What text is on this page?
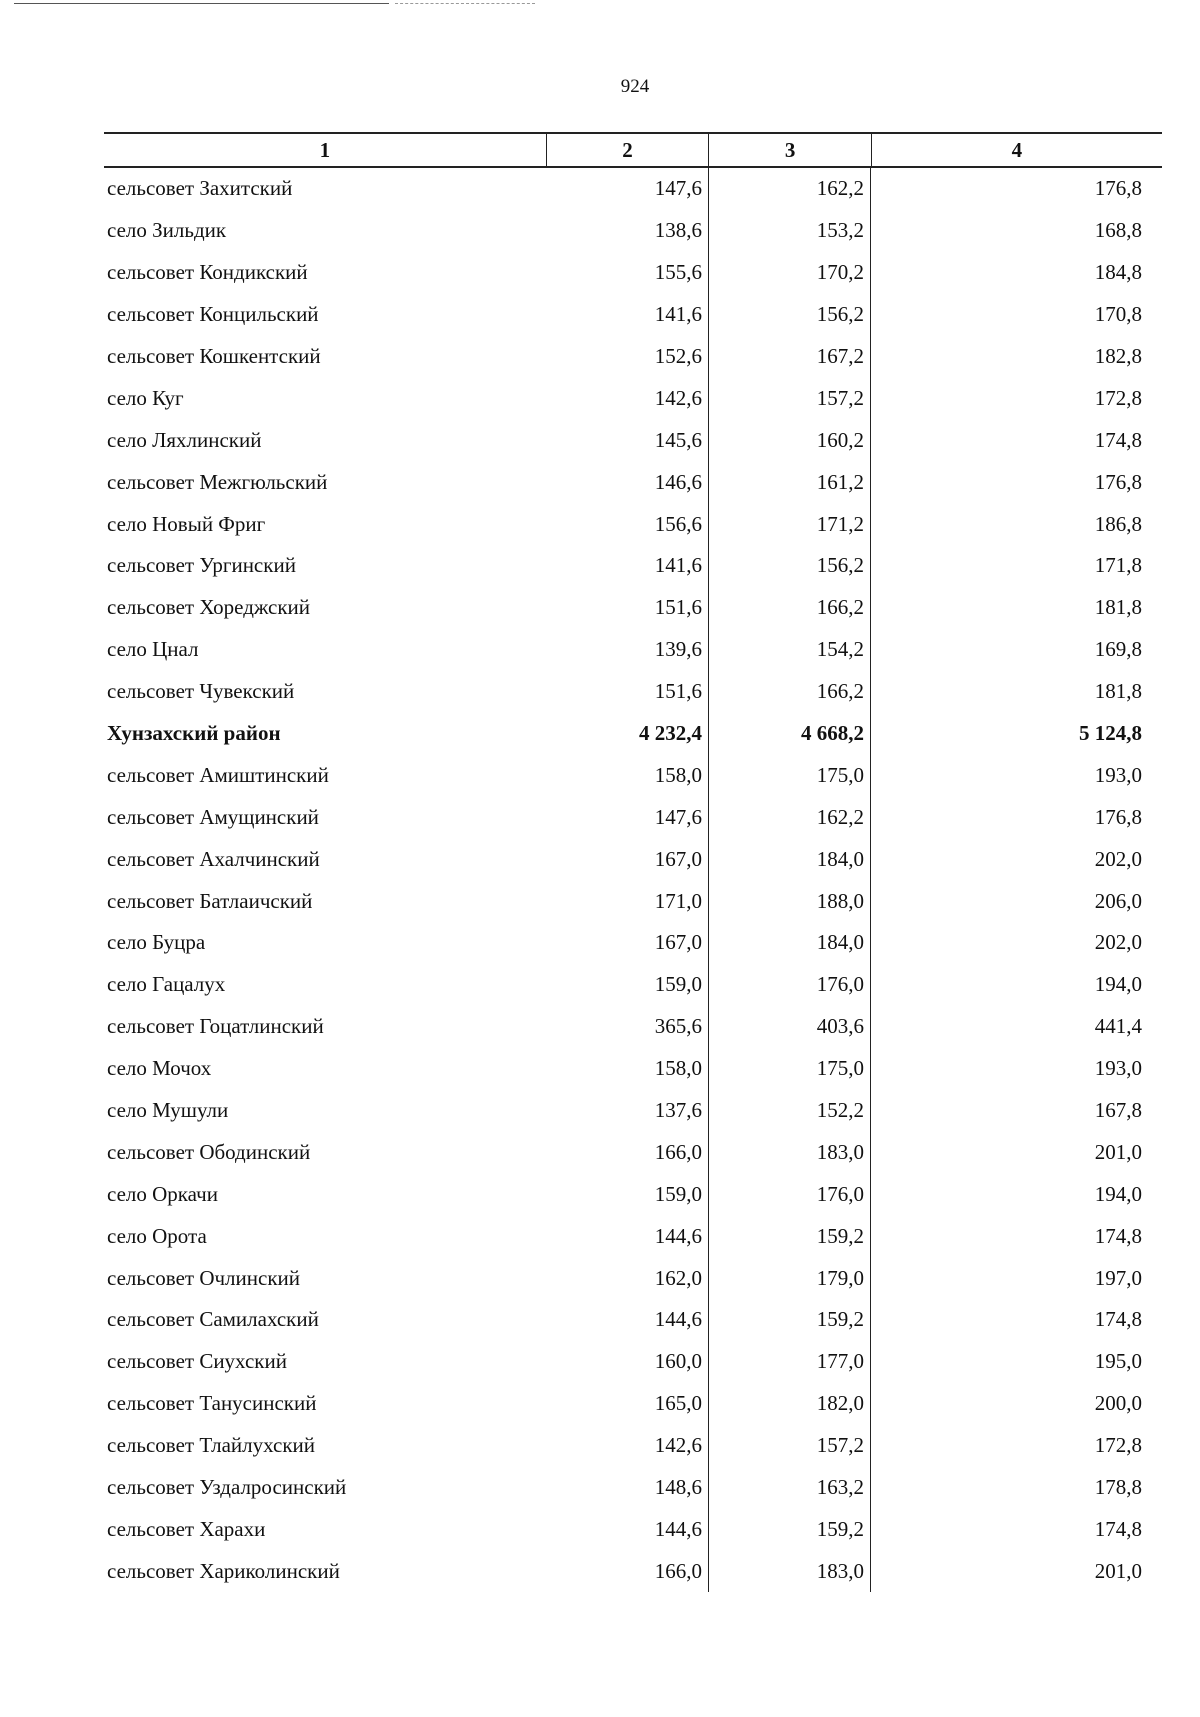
924
1	2	3	4
сельсовет Захитский	147,6	162,2	176,8
село Зильдик	138,6	153,2	168,8
сельсовет Кондикский	155,6	170,2	184,8
сельсовет Концильский	141,6	156,2	170,8
сельсовет Кошкентский	152,6	167,2	182,8
село Куг	142,6	157,2	172,8
село Ляхлинский	145,6	160,2	174,8
сельсовет Межгюльский	146,6	161,2	176,8
село Новый Фриг	156,6	171,2	186,8
сельсовет Ургинский	141,6	156,2	171,8
сельсовет Хореджский	151,6	166,2	181,8
село Цнал	139,6	154,2	169,8
сельсовет Чувекский	151,6	166,2	181,8
Хунзахский район	4 232,4	4 668,2	5 124,8
сельсовет Амиштинский	158,0	175,0	193,0
сельсовет Амущинский	147,6	162,2	176,8
сельсовет Ахалчинский	167,0	184,0	202,0
сельсовет Батлаичский	171,0	188,0	206,0
село Буцра	167,0	184,0	202,0
село Гацалух	159,0	176,0	194,0
сельсовет Гоцатлинский	365,6	403,6	441,4
село Мочох	158,0	175,0	193,0
село Мушули	137,6	152,2	167,8
сельсовет Ободинский	166,0	183,0	201,0
село Оркачи	159,0	176,0	194,0
село Орота	144,6	159,2	174,8
сельсовет Очлинский	162,0	179,0	197,0
сельсовет Самилахский	144,6	159,2	174,8
сельсовет Сиухский	160,0	177,0	195,0
сельсовет Танусинский	165,0	182,0	200,0
сельсовет Тлайлухский	142,6	157,2	172,8
сельсовет Уздалросинский	148,6	163,2	178,8
сельсовет Харахи	144,6	159,2	174,8
сельсовет Хариколинский	166,0	183,0	201,0
